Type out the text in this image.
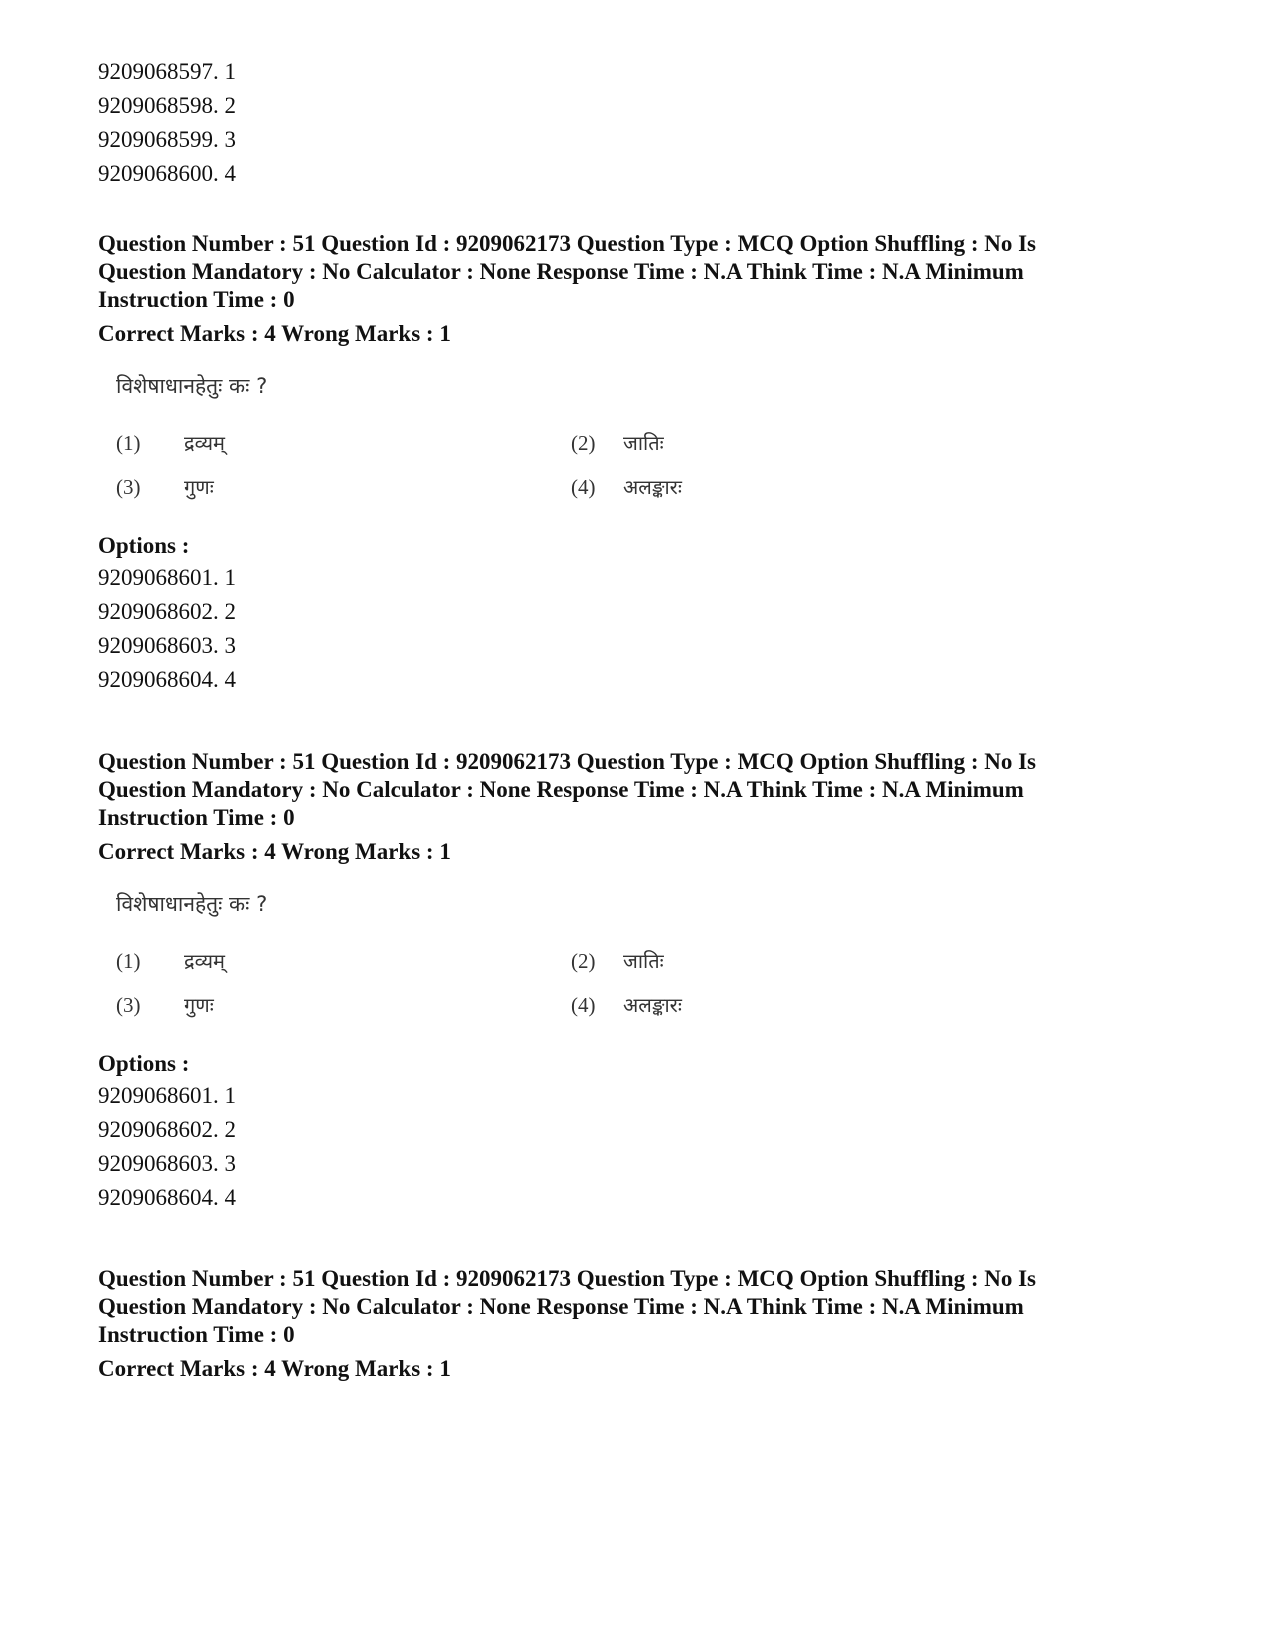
9209068597. 1
9209068598. 2
9209068599. 3
9209068600. 4
Question Number : 51 Question Id : 9209062173 Question Type : MCQ Option Shuffling : No Is
Question Mandatory : No Calculator : None Response Time : N.A Think Time : N.A Minimum
Instruction Time : 0
Correct Marks : 4 Wrong Marks : 1
विशेषाधानहेतुः कः ?
(1) द्रव्यम्	(2) जातिः
(3) गुणः	(4) अलङ्कारः
Options :
9209068601. 1
9209068602. 2
9209068603. 3
9209068604. 4
Question Number : 51 Question Id : 9209062173 Question Type : MCQ Option Shuffling : No Is
Question Mandatory : No Calculator : None Response Time : N.A Think Time : N.A Minimum
Instruction Time : 0
Correct Marks : 4 Wrong Marks : 1
विशेषाधानहेतुः कः ?
(1) द्रव्यम्	(2) जातिः
(3) गुणः	(4) अलङ्कारः
Options :
9209068601. 1
9209068602. 2
9209068603. 3
9209068604. 4
Question Number : 51 Question Id : 9209062173 Question Type : MCQ Option Shuffling : No Is
Question Mandatory : No Calculator : None Response Time : N.A Think Time : N.A Minimum
Instruction Time : 0
Correct Marks : 4 Wrong Marks : 1
